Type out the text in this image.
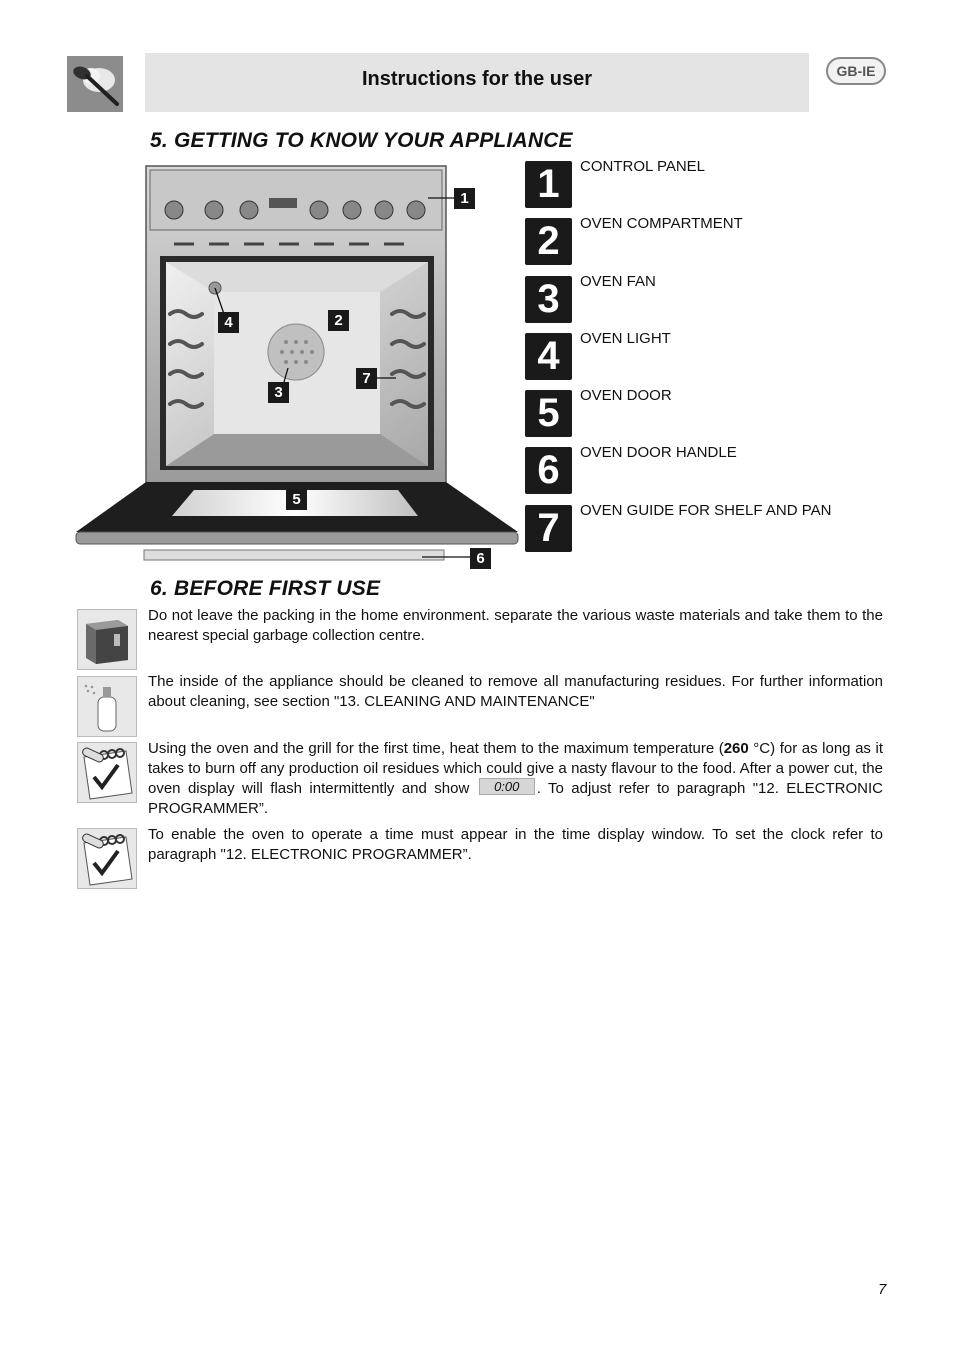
Instructions for the user	GB-IE
5. GETTING TO KNOW YOUR APPLIANCE
1
2
3
4
5
6
7
1	CONTROL PANEL
2	OVEN COMPARTMENT
3	OVEN FAN
4	OVEN LIGHT
5	OVEN DOOR
6	OVEN DOOR HANDLE
7	OVEN GUIDE FOR SHELF AND PAN
6. BEFORE FIRST USE
Do not leave the packing in the home environment. separate the various waste materials and take them to the nearest special garbage collection centre.
The inside of the appliance should be cleaned to remove all manufacturing residues. For further information about cleaning, see section "13. CLEANING AND MAINTENANCE"
Using the oven and the grill for the first time, heat them to the maximum temperature (260 °C) for as long as it takes to burn off any production oil residues which could give a nasty flavour to the food. After a power cut, the oven display will flash intermittently and show 0:00 . To adjust refer to paragraph "12. ELECTRONIC PROGRAMMER”.
To enable the oven to operate a time must appear in the time display window. To set the clock refer to paragraph "12. ELECTRONIC PROGRAMMER”.
7
